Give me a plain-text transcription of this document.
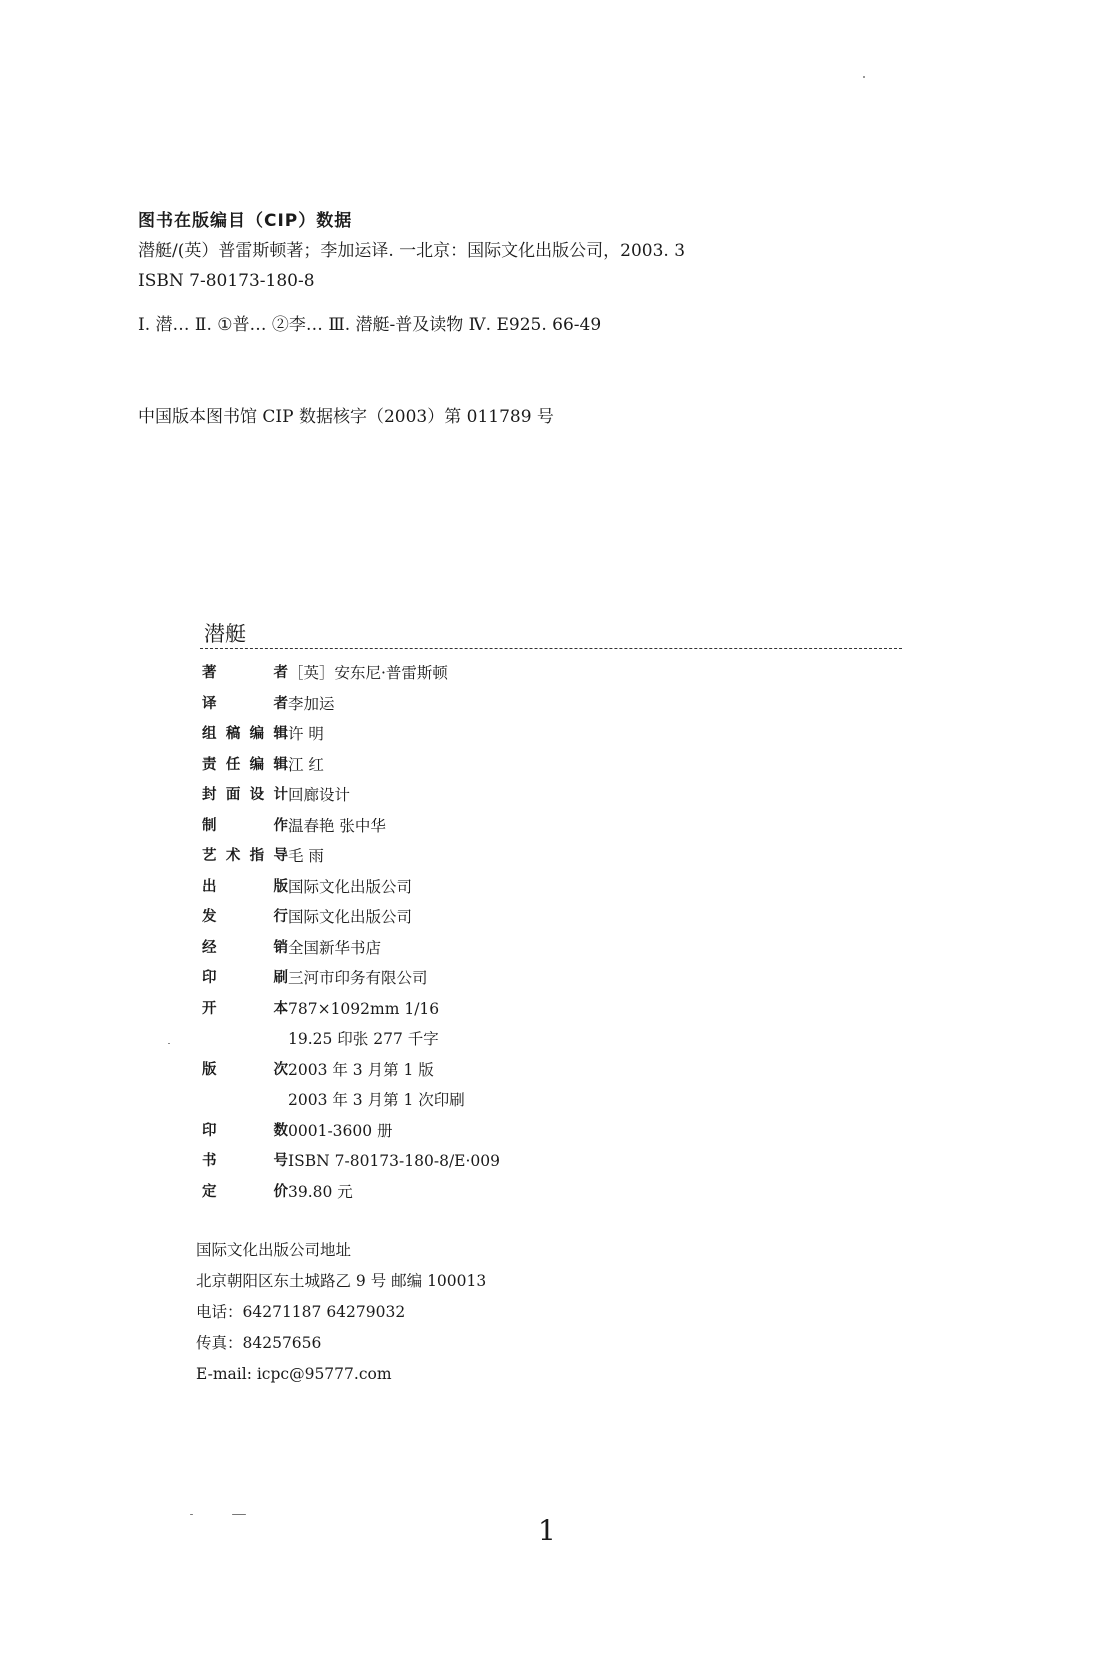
图书在版编目（CIP）数据
潜艇/(英）普雷斯顿著；李加运译. 一北京：国际文化出版公司，2003. 3
ISBN 7-80173-180-8
I. 潜… Ⅱ. ①普… ②李… Ⅲ. 潜艇-普及读物 Ⅳ. E925. 66-49
中国版本图书馆 CIP 数据核字（2003）第 011789 号
潜艇
著者 ［英］安东尼·普雷斯顿
译者 李加运
组稿编辑 许 明
责任编辑 江 红
封面设计 回廊设计
制作 温春艳 张中华
艺术指导 毛 雨
出版 国际文化出版公司
发行 国际文化出版公司
经销 全国新华书店
印刷 三河市印务有限公司
开本 787×1092mm 1/16
19.25 印张 277 千字
版次 2003 年 3 月第 1 版
2003 年 3 月第 1 次印刷
印数 0001-3600 册
书号 ISBN 7-80173-180-8/E·009
定价 39.80 元
国际文化出版公司地址
北京朝阳区东土城路乙 9 号 邮编 100013
电话：64271187 64279032
传真：84257656
E-mail: icpc@95777.com
1
